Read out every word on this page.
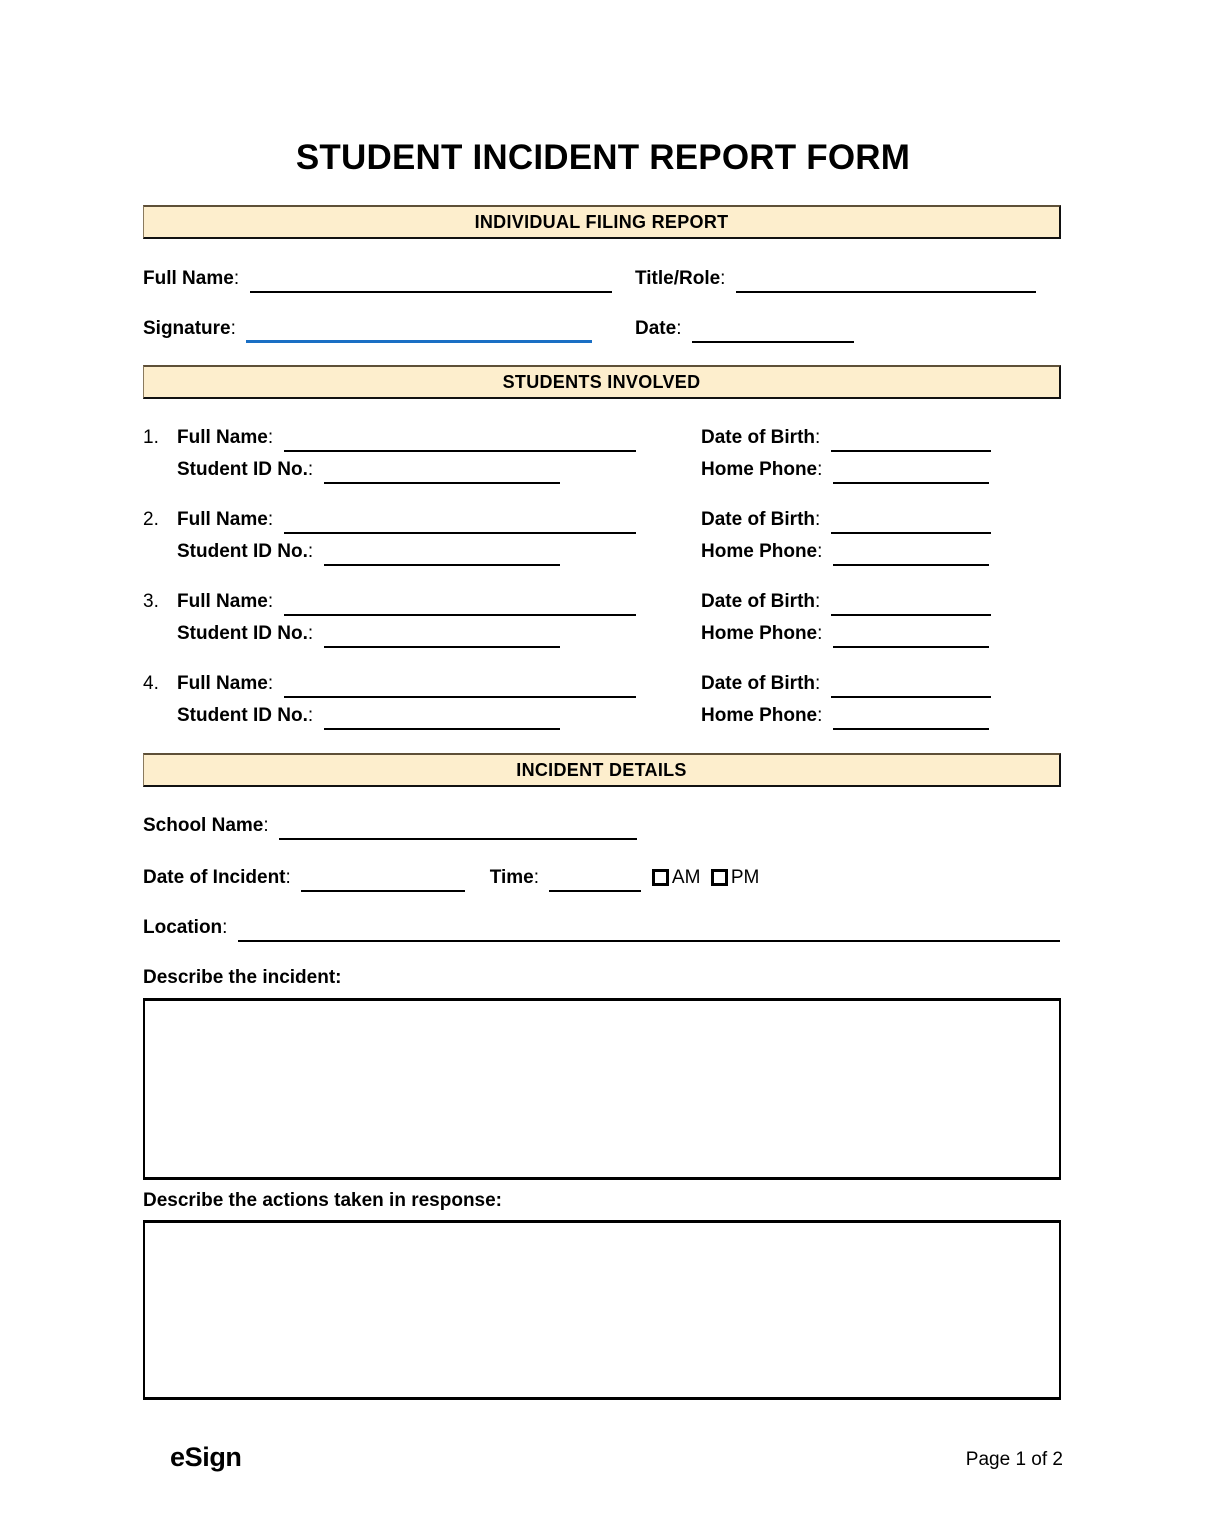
STUDENT INCIDENT REPORT FORM
INDIVIDUAL FILING REPORT
Full Name:	Title/Role:
Signature:	Date:
STUDENTS INVOLVED
1. Full Name:	Date of Birth:
Student ID No.:	Home Phone:
2. Full Name:	Date of Birth:
Student ID No.:	Home Phone:
3. Full Name:	Date of Birth:
Student ID No.:	Home Phone:
4. Full Name:	Date of Birth:
Student ID No.:	Home Phone:
INCIDENT DETAILS
School Name:
Date of Incident:	Time:	AM PM
Location:
Describe the incident:
Describe the actions taken in response:
eSign	Page 1 of 2
